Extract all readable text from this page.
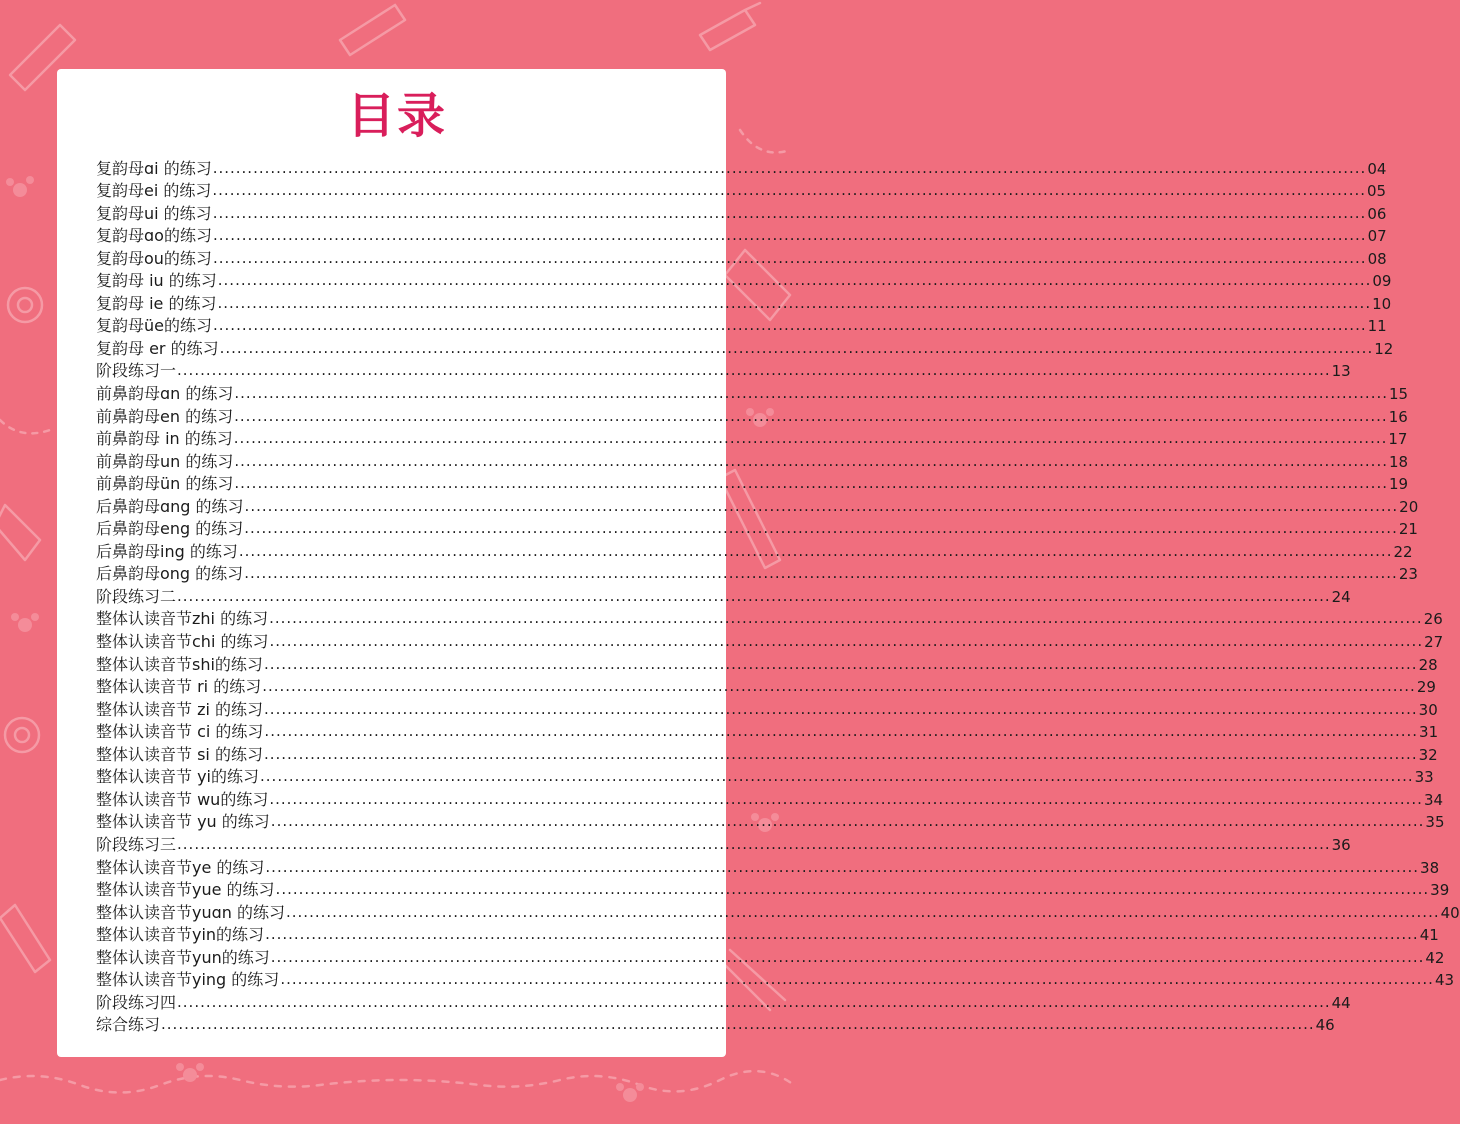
目录
复韵母ɑi 的练习 ........................................................................................................................................................................................................ 04
复韵母ei 的练习 ........................................................................................................................................................................................................ 05
复韵母ui 的练习 ........................................................................................................................................................................................................ 06
复韵母ɑo的练习 ........................................................................................................................................................................................................ 07
复韵母ou的练习 ........................................................................................................................................................................................................ 08
复韵母 iu 的练习 ........................................................................................................................................................................................................ 09
复韵母 ie 的练习 ........................................................................................................................................................................................................ 10
复韵母üe的练习 ........................................................................................................................................................................................................ 11
复韵母 er 的练习 ........................................................................................................................................................................................................ 12
阶段练习一 ........................................................................................................................................................................................................ 13
前鼻韵母ɑn 的练习 ........................................................................................................................................................................................................ 15
前鼻韵母en 的练习 ........................................................................................................................................................................................................ 16
前鼻韵母 in 的练习 ........................................................................................................................................................................................................ 17
前鼻韵母un 的练习 ........................................................................................................................................................................................................ 18
前鼻韵母ün 的练习 ........................................................................................................................................................................................................ 19
后鼻韵母ɑng 的练习 ........................................................................................................................................................................................................ 20
后鼻韵母eng 的练习 ........................................................................................................................................................................................................ 21
后鼻韵母ing 的练习 ........................................................................................................................................................................................................ 22
后鼻韵母ong 的练习 ........................................................................................................................................................................................................ 23
阶段练习二 ........................................................................................................................................................................................................ 24
整体认读音节zhi 的练习 ........................................................................................................................................................................................................ 26
整体认读音节chi 的练习 ........................................................................................................................................................................................................ 27
整体认读音节shi的练习 ........................................................................................................................................................................................................ 28
整体认读音节 ri 的练习 ........................................................................................................................................................................................................ 29
整体认读音节 zi 的练习 ........................................................................................................................................................................................................ 30
整体认读音节 ci 的练习 ........................................................................................................................................................................................................ 31
整体认读音节 si 的练习 ........................................................................................................................................................................................................ 32
整体认读音节 yi的练习 ........................................................................................................................................................................................................ 33
整体认读音节 wu的练习 ........................................................................................................................................................................................................ 34
整体认读音节 yu 的练习 ........................................................................................................................................................................................................ 35
阶段练习三 ........................................................................................................................................................................................................ 36
整体认读音节ye 的练习 ........................................................................................................................................................................................................ 38
整体认读音节yue 的练习 ........................................................................................................................................................................................................ 39
整体认读音节yuɑn 的练习 ........................................................................................................................................................................................................ 40
整体认读音节yin的练习 ........................................................................................................................................................................................................ 41
整体认读音节yun的练习 ........................................................................................................................................................................................................ 42
整体认读音节ying 的练习 ........................................................................................................................................................................................................ 43
阶段练习四 ........................................................................................................................................................................................................ 44
综合练习 ........................................................................................................................................................................................................ 46
